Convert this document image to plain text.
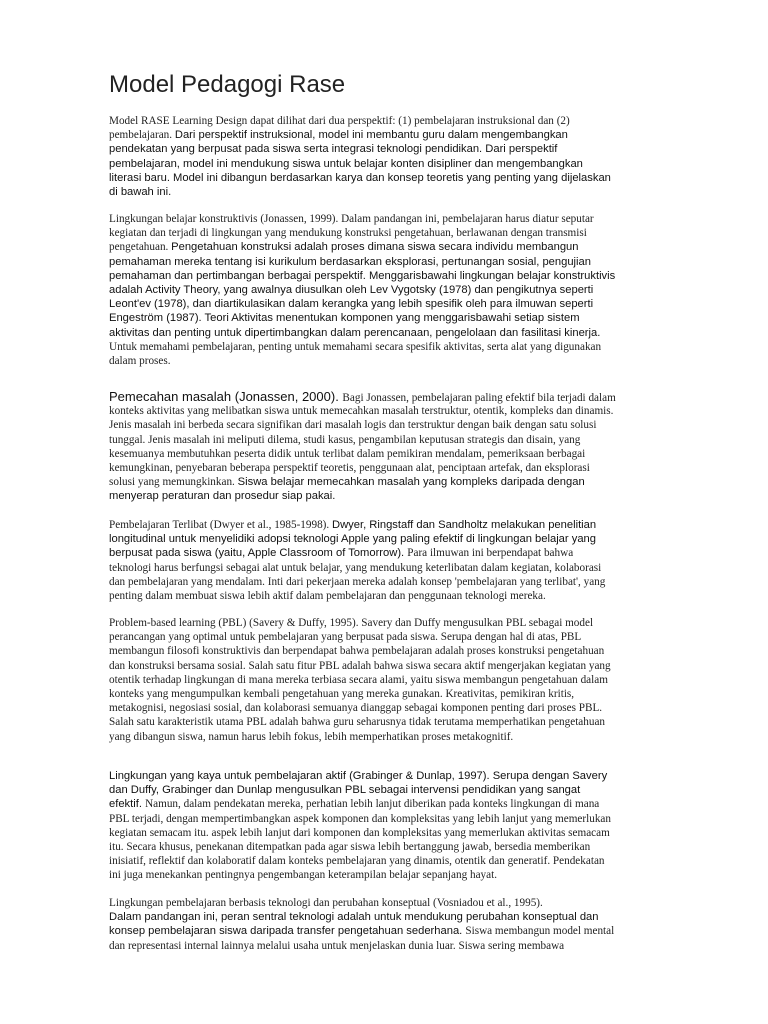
Model Pedagogi Rase
Model RASE Learning Design dapat dilihat dari dua perspektif: (1) pembelajaran instruksional dan (2)
pembelajaran. Dari perspektif instruksional, model ini membantu guru dalam mengembangkan
pendekatan yang berpusat pada siswa serta integrasi teknologi pendidikan. Dari perspektif
pembelajaran, model ini mendukung siswa untuk belajar konten disipliner dan mengembangkan
literasi baru. Model ini dibangun berdasarkan karya dan konsep teoretis yang penting yang dijelaskan
di bawah ini.
Lingkungan belajar konstruktivis (Jonassen, 1999). Dalam pandangan ini, pembelajaran harus diatur seputar
kegiatan dan terjadi di lingkungan yang mendukung konstruksi pengetahuan, berlawanan dengan transmisi
pengetahuan. Pengetahuan konstruksi adalah proses dimana siswa secara individu membangun
pemahaman mereka tentang isi kurikulum berdasarkan eksplorasi, pertunangan sosial, pengujian
pemahaman dan pertimbangan berbagai perspektif. Menggarisbawahi lingkungan belajar konstruktivis
adalah Activity Theory, yang awalnya diusulkan oleh Lev Vygotsky (1978) dan pengikutnya seperti
Leont'ev (1978), dan diartikulasikan dalam kerangka yang lebih spesifik oleh para ilmuwan seperti
Engeström (1987). Teori Aktivitas menentukan komponen yang menggarisbawahi setiap sistem
aktivitas dan penting untuk dipertimbangkan dalam perencanaan, pengelolaan dan fasilitasi kinerja.
Untuk memahami pembelajaran, penting untuk memahami secara spesifik aktivitas, serta alat yang digunakan
dalam proses.
Pemecahan masalah (Jonassen, 2000). Bagi Jonassen, pembelajaran paling efektif bila terjadi dalam
konteks aktivitas yang melibatkan siswa untuk memecahkan masalah terstruktur, otentik, kompleks dan dinamis.
Jenis masalah ini berbeda secara signifikan dari masalah logis dan terstruktur dengan baik dengan satu solusi
tunggal. Jenis masalah ini meliputi dilema, studi kasus, pengambilan keputusan strategis dan disain, yang
kesemuanya membutuhkan peserta didik untuk terlibat dalam pemikiran mendalam, pemeriksaan berbagai
kemungkinan, penyebaran beberapa perspektif teoretis, penggunaan alat, penciptaan artefak, dan eksplorasi
solusi yang memungkinkan. Siswa belajar memecahkan masalah yang kompleks daripada dengan
menyerap peraturan dan prosedur siap pakai.
Pembelajaran Terlibat (Dwyer et al., 1985-1998). Dwyer, Ringstaff dan Sandholtz melakukan penelitian
longitudinal untuk menyelidiki adopsi teknologi Apple yang paling efektif di lingkungan belajar yang
berpusat pada siswa (yaitu, Apple Classroom of Tomorrow). Para ilmuwan ini berpendapat bahwa
teknologi harus berfungsi sebagai alat untuk belajar, yang mendukung keterlibatan dalam kegiatan, kolaborasi
dan pembelajaran yang mendalam. Inti dari pekerjaan mereka adalah konsep 'pembelajaran yang terlibat', yang
penting dalam membuat siswa lebih aktif dalam pembelajaran dan penggunaan teknologi mereka.
Problem-based learning (PBL) (Savery & Duffy, 1995). Savery dan Duffy mengusulkan PBL sebagai model
perancangan yang optimal untuk pembelajaran yang berpusat pada siswa. Serupa dengan hal di atas, PBL
membangun filosofi konstruktivis dan berpendapat bahwa pembelajaran adalah proses konstruksi pengetahuan
dan konstruksi bersama sosial. Salah satu fitur PBL adalah bahwa siswa secara aktif mengerjakan kegiatan yang
otentik terhadap lingkungan di mana mereka terbiasa secara alami, yaitu siswa membangun pengetahuan dalam
konteks yang mengumpulkan kembali pengetahuan yang mereka gunakan. Kreativitas, pemikiran kritis,
metakognisi, negosiasi sosial, dan kolaborasi semuanya dianggap sebagai komponen penting dari proses PBL.
Salah satu karakteristik utama PBL adalah bahwa guru seharusnya tidak terutama memperhatikan pengetahuan
yang dibangun siswa, namun harus lebih fokus, lebih memperhatikan proses metakognitif.
Lingkungan yang kaya untuk pembelajaran aktif (Grabinger & Dunlap, 1997). Serupa dengan Savery
dan Duffy, Grabinger dan Dunlap mengusulkan PBL sebagai intervensi pendidikan yang sangat
efektif. Namun, dalam pendekatan mereka, perhatian lebih lanjut diberikan pada konteks lingkungan di mana
PBL terjadi, dengan mempertimbangkan aspek komponen dan kompleksitas yang lebih lanjut yang memerlukan
kegiatan semacam itu. aspek lebih lanjut dari komponen dan kompleksitas yang memerlukan aktivitas semacam
itu. Secara khusus, penekanan ditempatkan pada agar siswa lebih bertanggung jawab, bersedia memberikan
inisiatif, reflektif dan kolaboratif dalam konteks pembelajaran yang dinamis, otentik dan generatif. Pendekatan
ini juga menekankan pentingnya pengembangan keterampilan belajar sepanjang hayat.
Lingkungan pembelajaran berbasis teknologi dan perubahan konseptual (Vosniadou et al., 1995).
Dalam pandangan ini, peran sentral teknologi adalah untuk mendukung perubahan konseptual dan
konsep pembelajaran siswa daripada transfer pengetahuan sederhana. Siswa membangun model mental
dan representasi internal lainnya melalui usaha untuk menjelaskan dunia luar. Siswa sering membawa
